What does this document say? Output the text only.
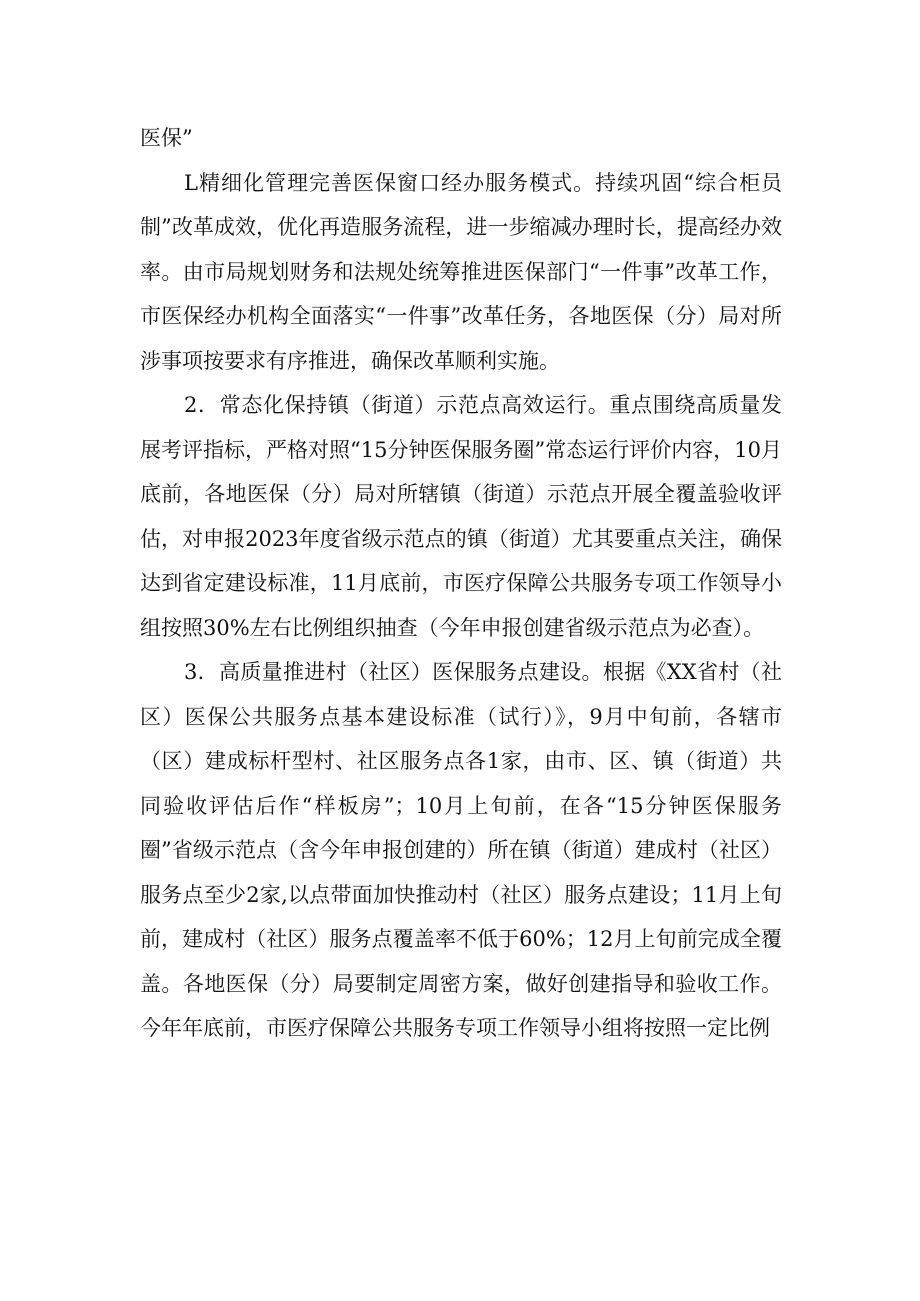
医保”

L精细化管理完善医保窗口经办服务模式。持续巩固“综合柜员制”改革成效，优化再造服务流程，进一步缩减办理时长，提高经办效率。由市局规划财务和法规处统筹推进医保部门“一件事”改革工作，市医保经办机构全面落实“一件事”改革任务，各地医保（分）局对所涉事项按要求有序推进，确保改革顺利实施。

2．常态化保持镇（街道）示范点高效运行。重点围绕高质量发展考评指标，严格对照“15分钟医保服务圈”常态运行评价内容，10月底前，各地医保（分）局对所辖镇（街道）示范点开展全覆盖验收评估，对申报2023年度省级示范点的镇（街道）尤其要重点关注，确保达到省定建设标准，11月底前，市医疗保障公共服务专项工作领导小组按照30%左右比例组织抽查（今年申报创建省级示范点为必查）。

3．高质量推进村（社区）医保服务点建设。根据《XX省村（社区）医保公共服务点基本建设标准（试行）》，9月中旬前，各辖市（区）建成标杆型村、社区服务点各1家，由市、区、镇（街道）共同验收评估后作“样板房”；10月上旬前，在各“15分钟医保服务圈”省级示范点（含今年申报创建的）所在镇（街道）建成村（社区）服务点至少2家,以点带面加快推动村（社区）服务点建设；11月上旬前，建成村（社区）服务点覆盖率不低于60%；12月上旬前完成全覆盖。各地医保（分）局要制定周密方案，做好创建指导和验收工作。今年年底前，市医疗保障公共服务专项工作领导小组将按照一定比例
